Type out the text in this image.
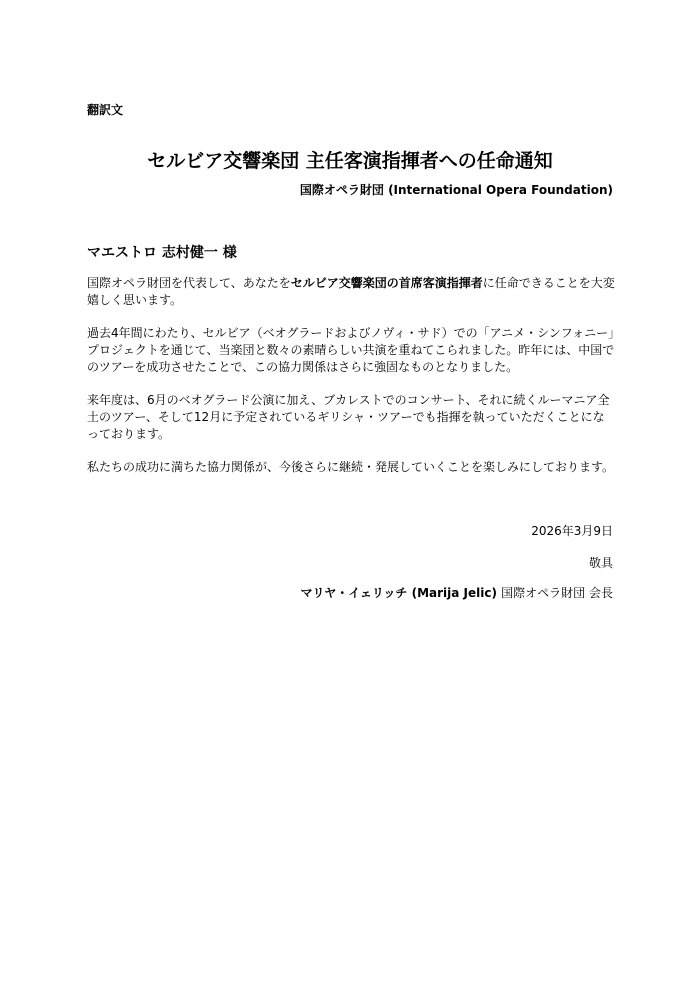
翻訳文
セルビア交響楽団 主任客演指揮者への任命通知
国際オペラ財団 (International Opera Foundation)
マエストロ 志村健一 様

国際オペラ財団を代表して、あなたをセルビア交響楽団の首席客演指揮者に任命できることを大変嬉しく思います。

過去4年間にわたり、セルビア（ベオグラードおよびノヴィ・サド）での「アニメ・シンフォニー」プロジェクトを通じて、当楽団と数々の素晴らしい共演を重ねてこられました。昨年には、中国でのツアーを成功させたことで、この協力関係はさらに強固なものとなりました。

来年度は、6月のベオグラード公演に加え、ブカレストでのコンサート、それに続くルーマニア全土のツアー、そして12月に予定されているギリシャ・ツアーでも指揮を執っていただくことになっております。

私たちの成功に満ちた協力関係が、今後さらに継続・発展していくことを楽しみにしております。

2026年3月9日
敬具
マリヤ・イェリッチ (Marija Jelic) 国際オペラ財団 会長
